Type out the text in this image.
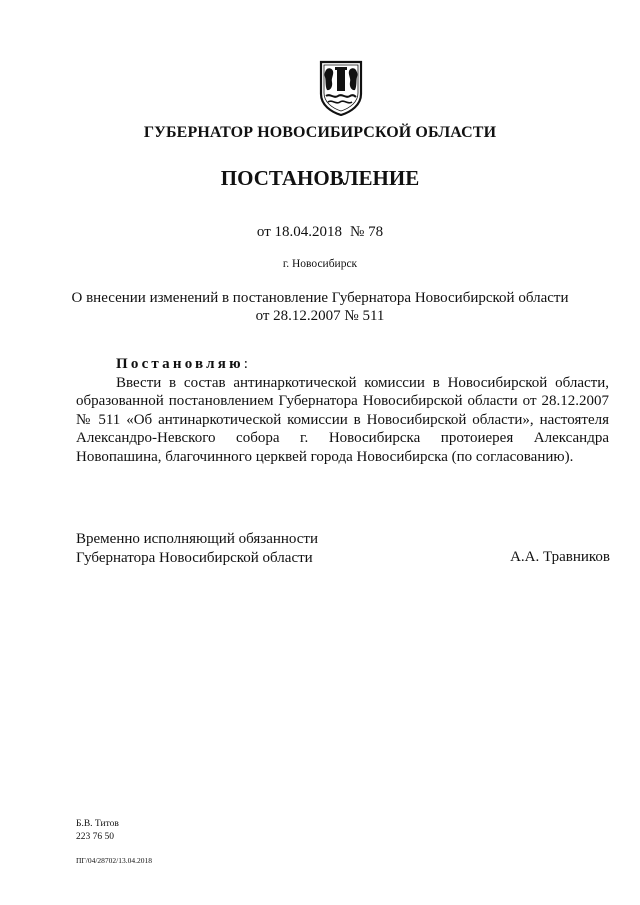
ГУБЕРНАТОР НОВОСИБИРСКОЙ ОБЛАСТИ
ПОСТАНОВЛЕНИЕ
от 18.04.2018 № 78
г. Новосибирск
О внесении изменений в постановление Губернатора Новосибирской области
от 28.12.2007 № 511
Постановляю:
Ввести в состав антинаркотической комиссии в Новосибирской области, образованной постановлением Губернатора Новосибирской области от 28.12.2007 № 511 «Об антинаркотической комиссии в Новосибирской области», настоятеля Александро-Невского собора г. Новосибирска протоиерея Александра Новопашина, благочинного церквей города Новосибирска (по согласованию).
Временно исполняющий обязанности
Губернатора Новосибирской области	А.А. Травников
Б.В. Титов
223 76 50
ПГ/04/28702/13.04.2018
